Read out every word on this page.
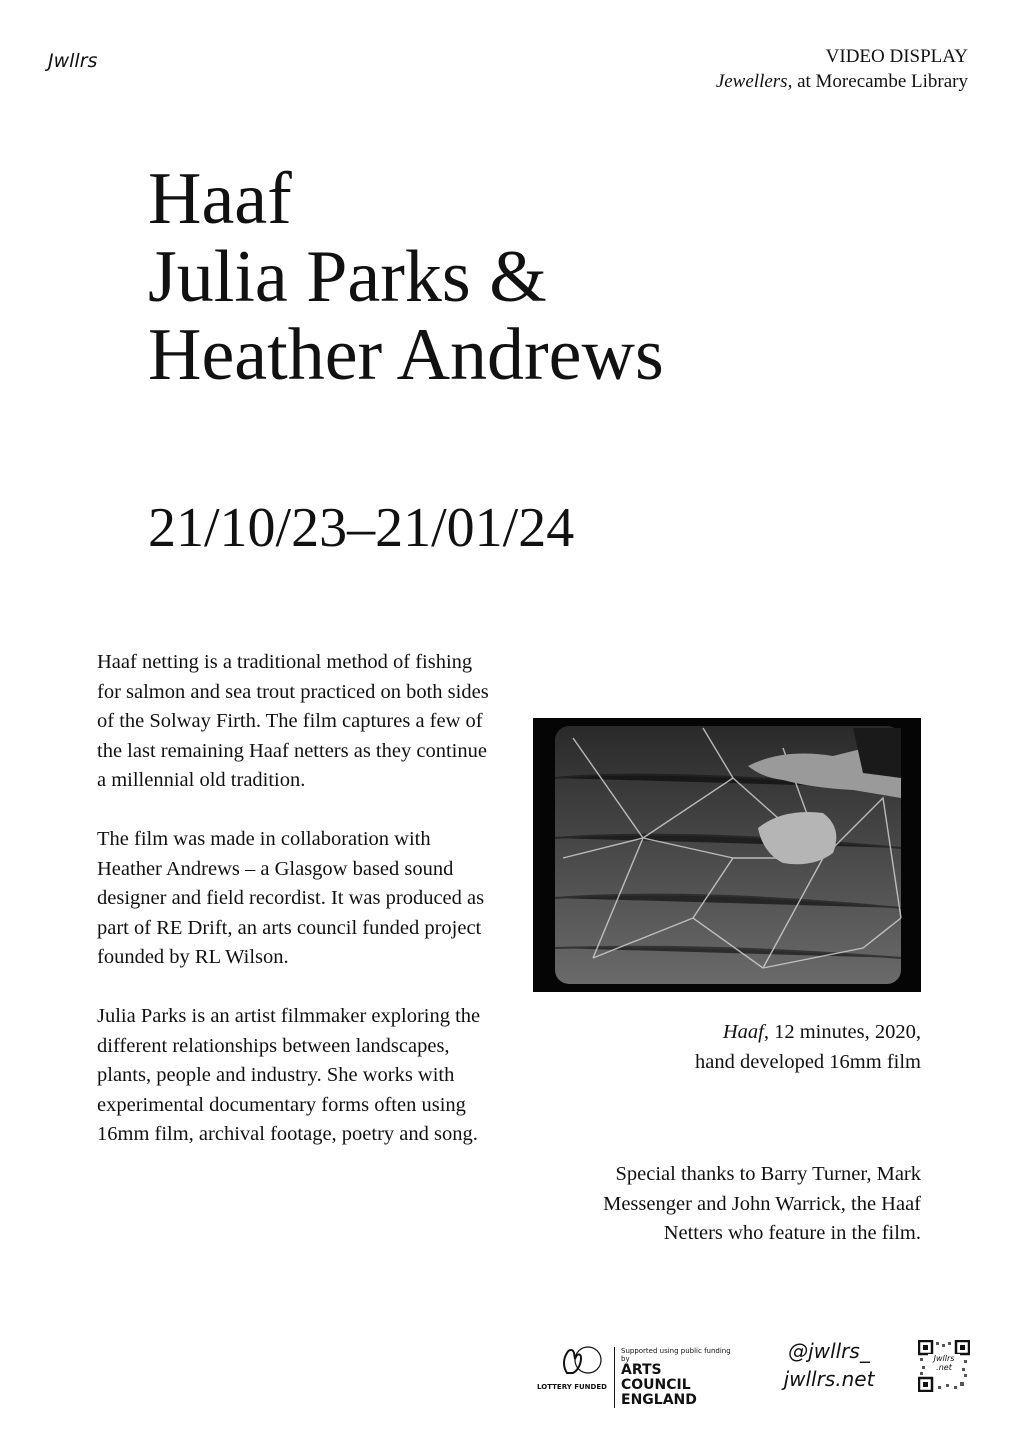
Jwllrs	VIDEO DISPLAY
Jewellers, at Morecambe Library
Haaf
Julia Parks &
Heather Andrews
21/10/23–21/01/24

Haaf netting is a traditional method of fishing for salmon and sea trout practiced on both sides of the Solway Firth. The film captures a few of the last remaining Haaf netters as they continue a millennial old tradition.

The film was made in collaboration with Heather Andrews – a Glasgow based sound designer and field recordist. It was produced as part of RE Drift, an arts council funded project founded by RL Wilson.

Julia Parks is an artist filmmaker exploring the different relationships between landscapes, plants, people and industry. She works with experimental documentary forms often using 16mm film, archival footage, poetry and song.

Haaf, 12 minutes, 2020,
hand developed 16mm film
Special thanks to Barry Turner, Mark Messenger and John Warrick, the Haaf Netters who feature in the film.
LOTTERY FUNDED
Supported using public funding by
ARTS COUNCIL
ENGLAND
@jwllrs_
jwllrs.net
Jwllrs
.net
